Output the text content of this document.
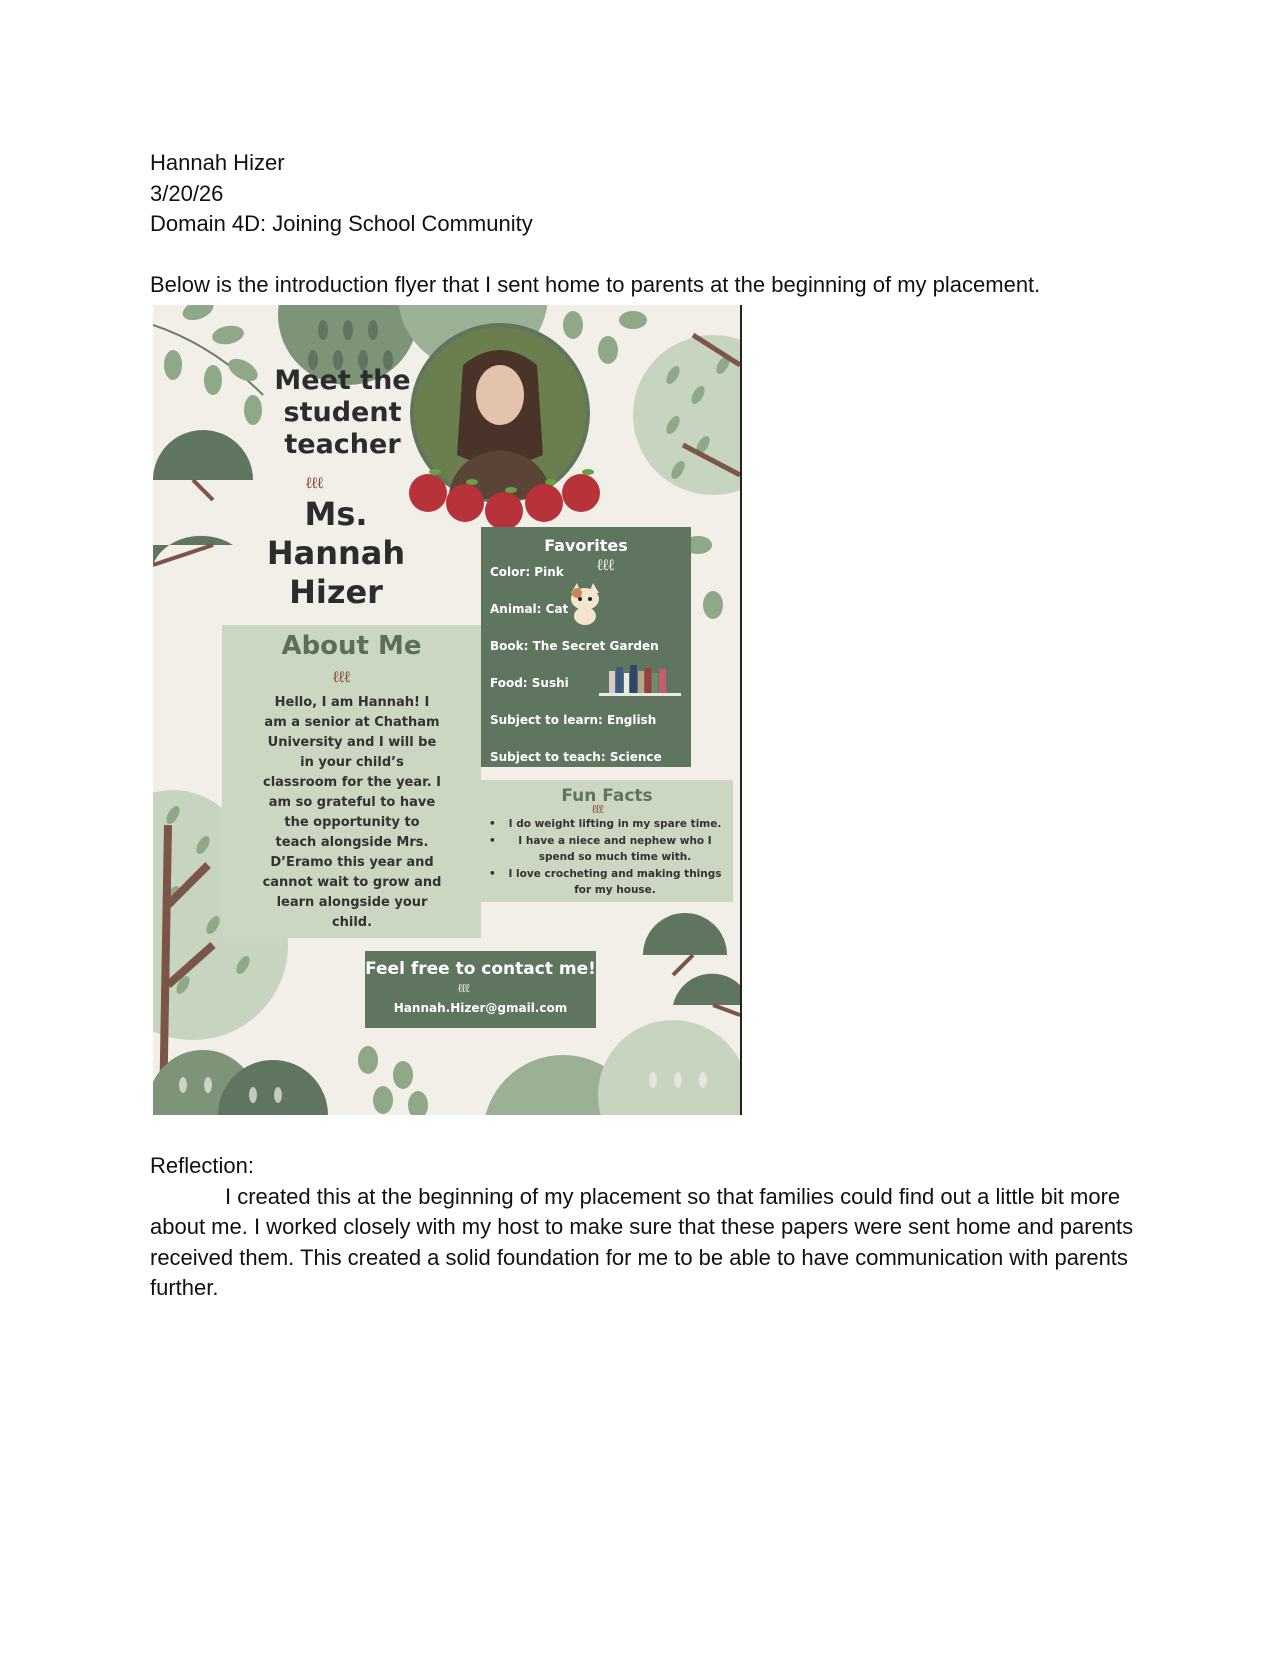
Hannah Hizer
3/20/26
Domain 4D: Joining School Community
Below is the introduction flyer that I sent home to parents at the beginning of my placement.
Meet the student teacher
ℓℓℓ
Ms. Hannah Hizer
About Me
ℓℓℓ
Hello, I am Hannah! I am a senior at Chatham University and I will be in your child’s classroom for the year. I am so grateful to have the opportunity to teach alongside Mrs. D’Eramo this year and cannot wait to grow and learn alongside your child.
Favorites
ℓℓℓ
Color: Pink
Animal: Cat
Book: The Secret Garden
Food: Sushi
Subject to learn: English
Subject to teach: Science
Fun Facts
ℓℓℓ
• I do weight lifting in my spare time.
• I have a niece and nephew who I spend so much time with.
• I love crocheting and making things for my house.
Feel free to contact me!
ℓℓℓ
Hannah.Hizer@gmail.com
Reflection:
I created this at the beginning of my placement so that families could find out a little bit more about me. I worked closely with my host to make sure that these papers were sent home and parents received them. This created a solid foundation for me to be able to have communication with parents further.
